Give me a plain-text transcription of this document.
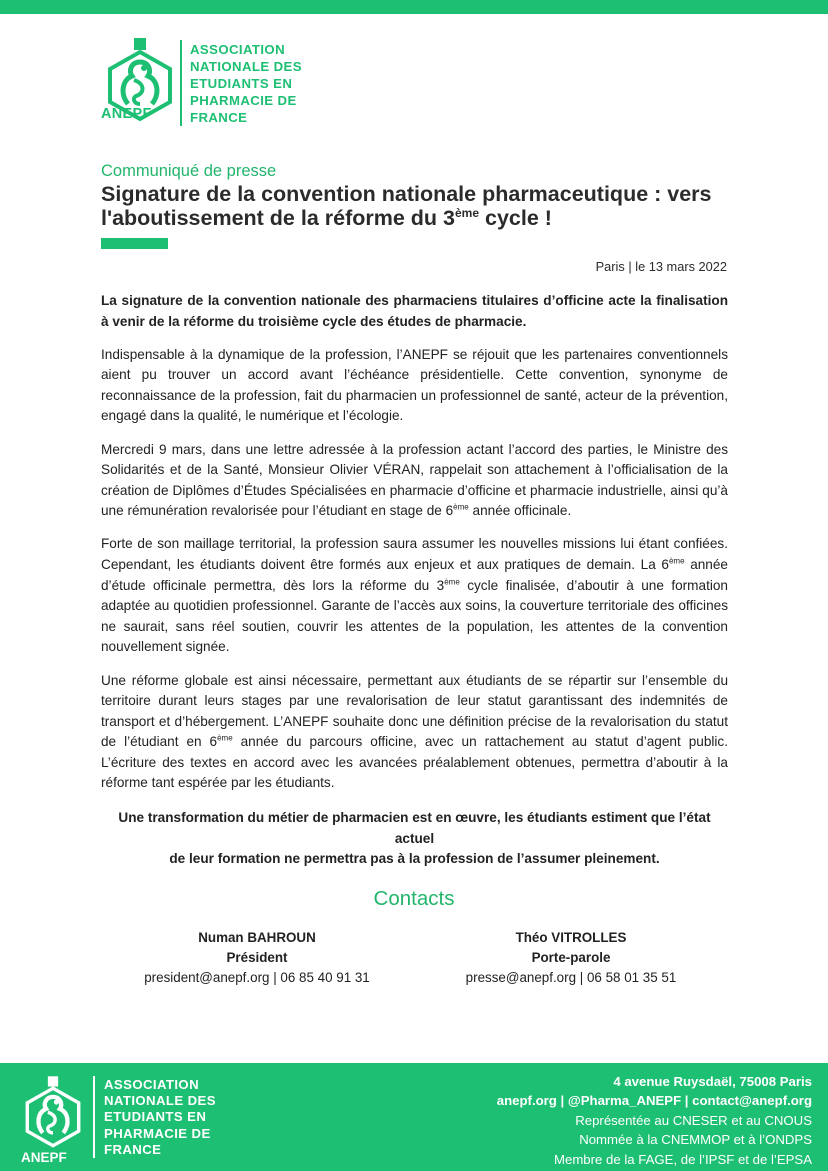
ASSOCIATION
NATIONALE DES
ETUDIANTS EN
PHARMACIE DE
FRANCE
ANEPF
Communiqué de presse
Signature de la convention nationale pharmaceutique : vers l'aboutissement de la réforme du 3ème cycle !
Paris | le 13 mars 2022

La signature de la convention nationale des pharmaciens titulaires d’officine acte la finalisation à venir de la réforme du troisième cycle des études de pharmacie.

Indispensable à la dynamique de la profession, l’ANEPF se réjouit que les partenaires conventionnels aient pu trouver un accord avant l’échéance présidentielle. Cette convention, synonyme de reconnaissance de la profession, fait du pharmacien un professionnel de santé, acteur de la prévention, engagé dans la qualité, le numérique et l’écologie.

Mercredi 9 mars, dans une lettre adressée à la profession actant l’accord des parties, le Ministre des Solidarités et de la Santé, Monsieur Olivier VÉRAN, rappelait son attachement à l’officialisation de la création de Diplômes d’Études Spécialisées en pharmacie d’officine et pharmacie industrielle, ainsi qu’à une rémunération revalorisée pour l’étudiant en stage de 6ème année officinale.

Forte de son maillage territorial, la profession saura assumer les nouvelles missions lui étant confiées. Cependant, les étudiants doivent être formés aux enjeux et aux pratiques de demain. La 6ème année d’étude officinale permettra, dès lors la réforme du 3ème cycle finalisée, d’aboutir à une formation adaptée au quotidien professionnel. Garante de l’accès aux soins, la couverture territoriale des officines ne saurait, sans réel soutien, couvrir les attentes de la population, les attentes de la convention nouvellement signée.

Une réforme globale est ainsi nécessaire, permettant aux étudiants de se répartir sur l’ensemble du territoire durant leurs stages par une revalorisation de leur statut garantissant des indemnités de transport et d’hébergement. L’ANEPF souhaite donc une définition précise de la revalorisation du statut de l’étudiant en 6ème année du parcours officine, avec un rattachement au statut d’agent public. L’écriture des textes en accord avec les avancées préalablement obtenues, permettra d’aboutir à la réforme tant espérée par les étudiants.

Une transformation du métier de pharmacien est en œuvre, les étudiants estiment que l’état actuel
de leur formation ne permettra pas à la profession de l’assumer pleinement.
Contacts
Numan BAHROUN
Président
president@anepf.org | 06 85 40 91 31
Théo VITROLLES
Porte-parole
presse@anepf.org | 06 58 01 35 51
ANEPF
ASSOCIATION
NATIONALE DES
ETUDIANTS EN
PHARMACIE DE
FRANCE
4 avenue Ruysdaël, 75008 Paris
anepf.org | @Pharma_ANEPF | contact@anepf.org
Représentée au CNESER et au CNOUS
Nommée à la CNEMMOP et à l’ONDPS
Membre de la FAGE, de l’IPSF et de l’EPSA
